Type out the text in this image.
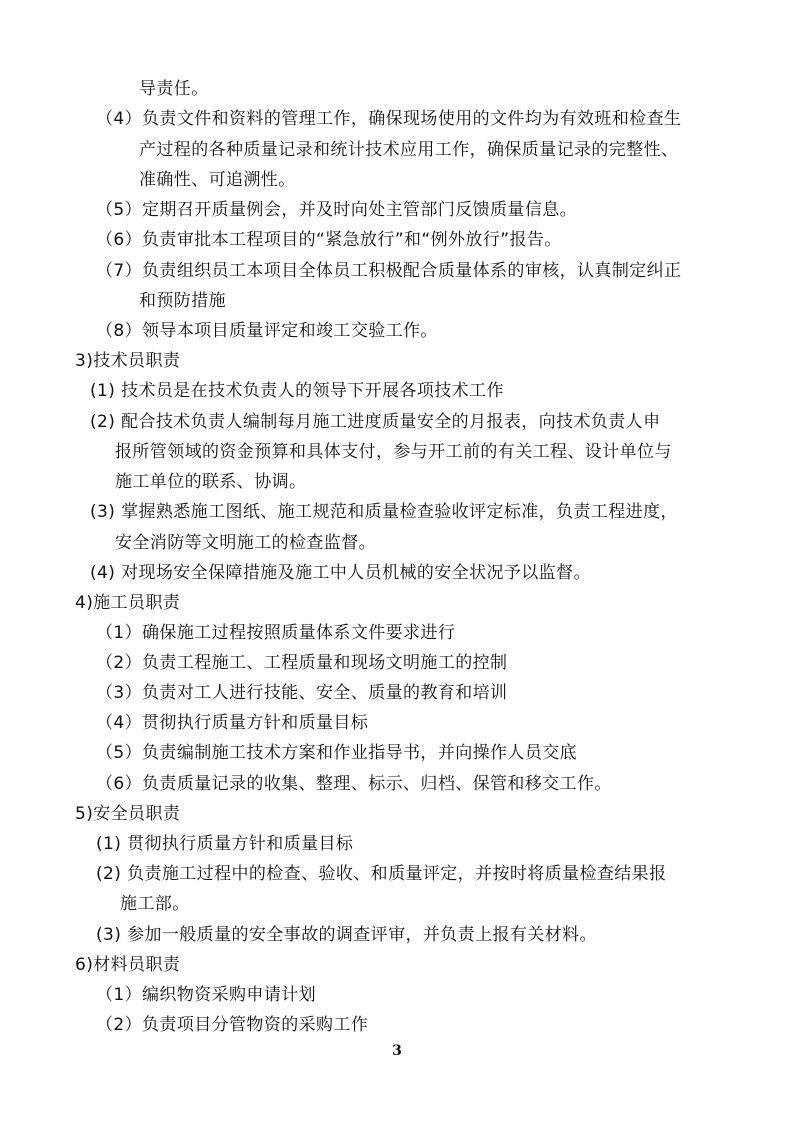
导责任。
（4）负责文件和资料的管理工作，确保现场使用的文件均为有效班和检查生
产过程的各种质量记录和统计技术应用工作，确保质量记录的完整性、
准确性、可追溯性。
（5）定期召开质量例会，并及时向处主管部门反馈质量信息。
（6）负责审批本工程项目的“紧急放行”和“例外放行”报告。
（7）负责组织员工本项目全体员工积极配合质量体系的审核，认真制定纠正
和预防措施
（8）领导本项目质量评定和竣工交验工作。
3)技术员职责
(1) 技术员是在技术负责人的领导下开展各项技术工作
(2) 配合技术负责人编制每月施工进度质量安全的月报表，向技术负责人申
报所管领域的资金预算和具体支付，参与开工前的有关工程、设计单位与
施工单位的联系、协调。
(3) 掌握熟悉施工图纸、施工规范和质量检查验收评定标准，负责工程进度，
安全消防等文明施工的检查监督。
(4) 对现场安全保障措施及施工中人员机械的安全状况予以监督。
4)施工员职责
（1）确保施工过程按照质量体系文件要求进行
（2）负责工程施工、工程质量和现场文明施工的控制
（3）负责对工人进行技能、安全、质量的教育和培训
（4）贯彻执行质量方针和质量目标
（5）负责编制施工技术方案和作业指导书，并向操作人员交底
（6）负责质量记录的收集、整理、标示、归档、保管和移交工作。
5)安全员职责
(1) 贯彻执行质量方针和质量目标
(2) 负责施工过程中的检查、验收、和质量评定，并按时将质量检查结果报
施工部。
(3) 参加一般质量的安全事故的调查评审，并负责上报有关材料。
6)材料员职责
（1）编织物资采购申请计划
（2）负责项目分管物资的采购工作
3
